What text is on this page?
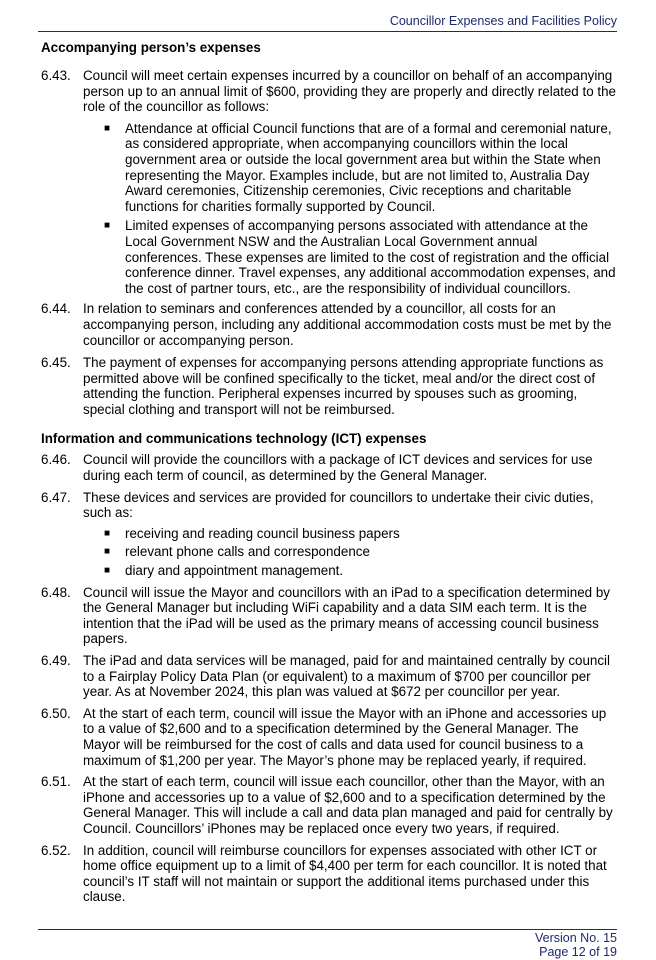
Councillor Expenses and Facilities Policy
Accompanying person’s expenses
6.43. Council will meet certain expenses incurred by a councillor on behalf of an accompanying person up to an annual limit of $600, providing they are properly and directly related to the role of the councillor as follows:
■	Attendance at official Council functions that are of a formal and ceremonial nature, as considered appropriate, when accompanying councillors within the local government area or outside the local government area but within the State when representing the Mayor. Examples include, but are not limited to, Australia Day Award ceremonies, Citizenship ceremonies, Civic receptions and charitable functions for charities formally supported by Council.
■	Limited expenses of accompanying persons associated with attendance at the Local Government NSW and the Australian Local Government annual conferences. These expenses are limited to the cost of registration and the official conference dinner. Travel expenses, any additional accommodation expenses, and the cost of partner tours, etc., are the responsibility of individual councillors.
6.44. In relation to seminars and conferences attended by a councillor, all costs for an accompanying person, including any additional accommodation costs must be met by the councillor or accompanying person.
6.45. The payment of expenses for accompanying persons attending appropriate functions as permitted above will be confined specifically to the ticket, meal and/or the direct cost of attending the function. Peripheral expenses incurred by spouses such as grooming, special clothing and transport will not be reimbursed.
Information and communications technology (ICT) expenses
6.46. Council will provide the councillors with a package of ICT devices and services for use during each term of council, as determined by the General Manager.
6.47. These devices and services are provided for councillors to undertake their civic duties, such as:
■	receiving and reading council business papers
■	relevant phone calls and correspondence
■	diary and appointment management.
6.48. Council will issue the Mayor and councillors with an iPad to a specification determined by the General Manager but including WiFi capability and a data SIM each term. It is the intention that the iPad will be used as the primary means of accessing council business papers.
6.49. The iPad and data services will be managed, paid for and maintained centrally by council to a Fairplay Policy Data Plan (or equivalent) to a maximum of $700 per councillor per year. As at November 2024, this plan was valued at $672 per councillor per year.
6.50. At the start of each term, council will issue the Mayor with an iPhone and accessories up to a value of $2,600 and to a specification determined by the General Manager. The Mayor will be reimbursed for the cost of calls and data used for council business to a maximum of $1,200 per year. The Mayor’s phone may be replaced yearly, if required.
6.51. At the start of each term, council will issue each councillor, other than the Mayor, with an iPhone and accessories up to a value of $2,600 and to a specification determined by the General Manager. This will include a call and data plan managed and paid for centrally by Council. Councillors’ iPhones may be replaced once every two years, if required.
6.52. In addition, council will reimburse councillors for expenses associated with other ICT or home office equipment up to a limit of $4,400 per term for each councillor. It is noted that council’s IT staff will not maintain or support the additional items purchased under this clause.
Version No. 15
Page 12 of 19
